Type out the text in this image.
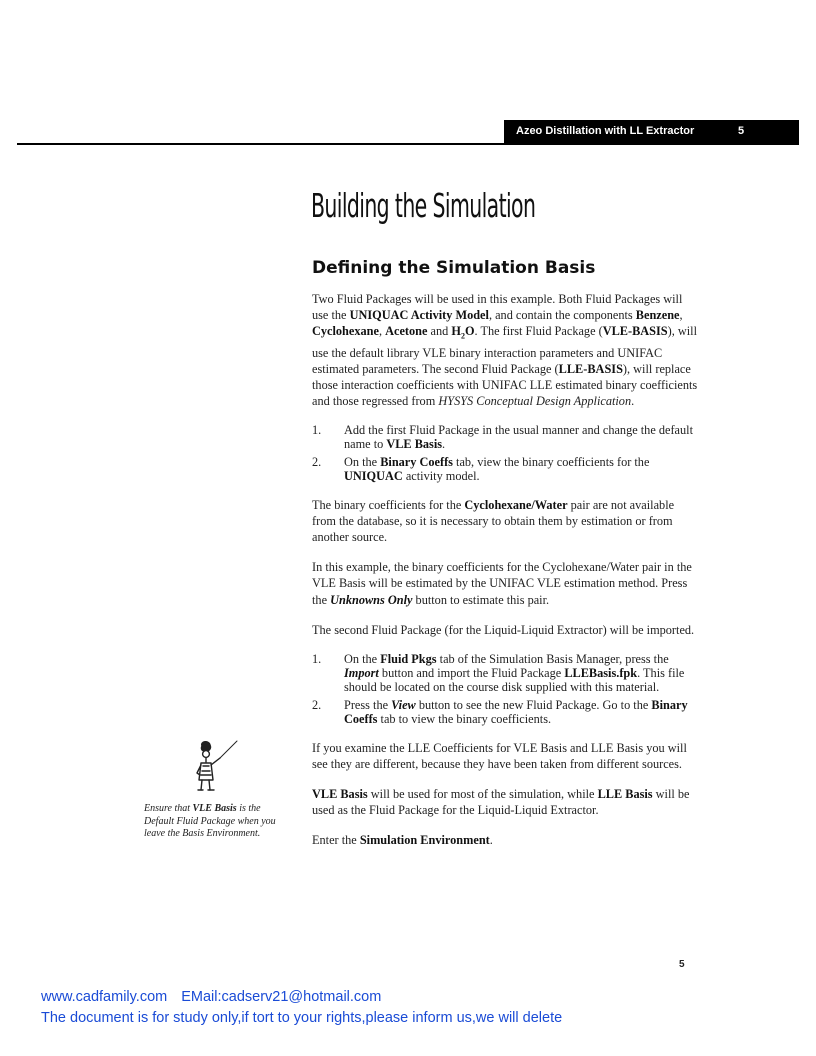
Azeo Distillation with LL Extractor	5
Building the Simulation
Defining the Simulation Basis

Two Fluid Packages will be used in this example. Both Fluid Packages will use the UNIQUAC Activity Model, and contain the components Benzene, Cyclohexane, Acetone and $H_2O$. The first Fluid Package (VLE-BASIS), will use the default library VLE binary interaction parameters and UNIFAC estimated parameters. The second Fluid Package (LLE-BASIS), will replace those interaction coefficients with UNIFAC LLE estimated binary coefficients and those regressed from HYSYS Conceptual Design Application.

1. Add the first Fluid Package in the usual manner and change the default name to VLE Basis.
2. On the Binary Coeffs tab, view the binary coefficients for the UNIQUAC activity model.

The binary coefficients for the Cyclohexane/Water pair are not available from the database, so it is necessary to obtain them by estimation or from another source.

In this example, the binary coefficients for the Cyclohexane/Water pair in the VLE Basis will be estimated by the UNIFAC VLE estimation method. Press the Unknowns Only button to estimate this pair.

The second Fluid Package (for the Liquid-Liquid Extractor) will be imported.

1. On the Fluid Pkgs tab of the Simulation Basis Manager, press the Import button and import the Fluid Package LLEBasis.fpk. This file should be located on the course disk supplied with this material.
2. Press the View button to see the new Fluid Package. Go to the Binary Coeffs tab to view the binary coefficients.

If you examine the LLE Coefficients for VLE Basis and LLE Basis you will see they are different, because they have been taken from different sources.

VLE Basis will be used for most of the simulation, while LLE Basis will be used as the Fluid Package for the Liquid-Liquid Extractor.

Enter the Simulation Environment.

Ensure that VLE Basis is the Default Fluid Package when you leave the Basis Environment.
5
www.cadfamily.com EMail:cadserv21@hotmail.com
The document is for study only,if tort to your rights,please inform us,we will delete
